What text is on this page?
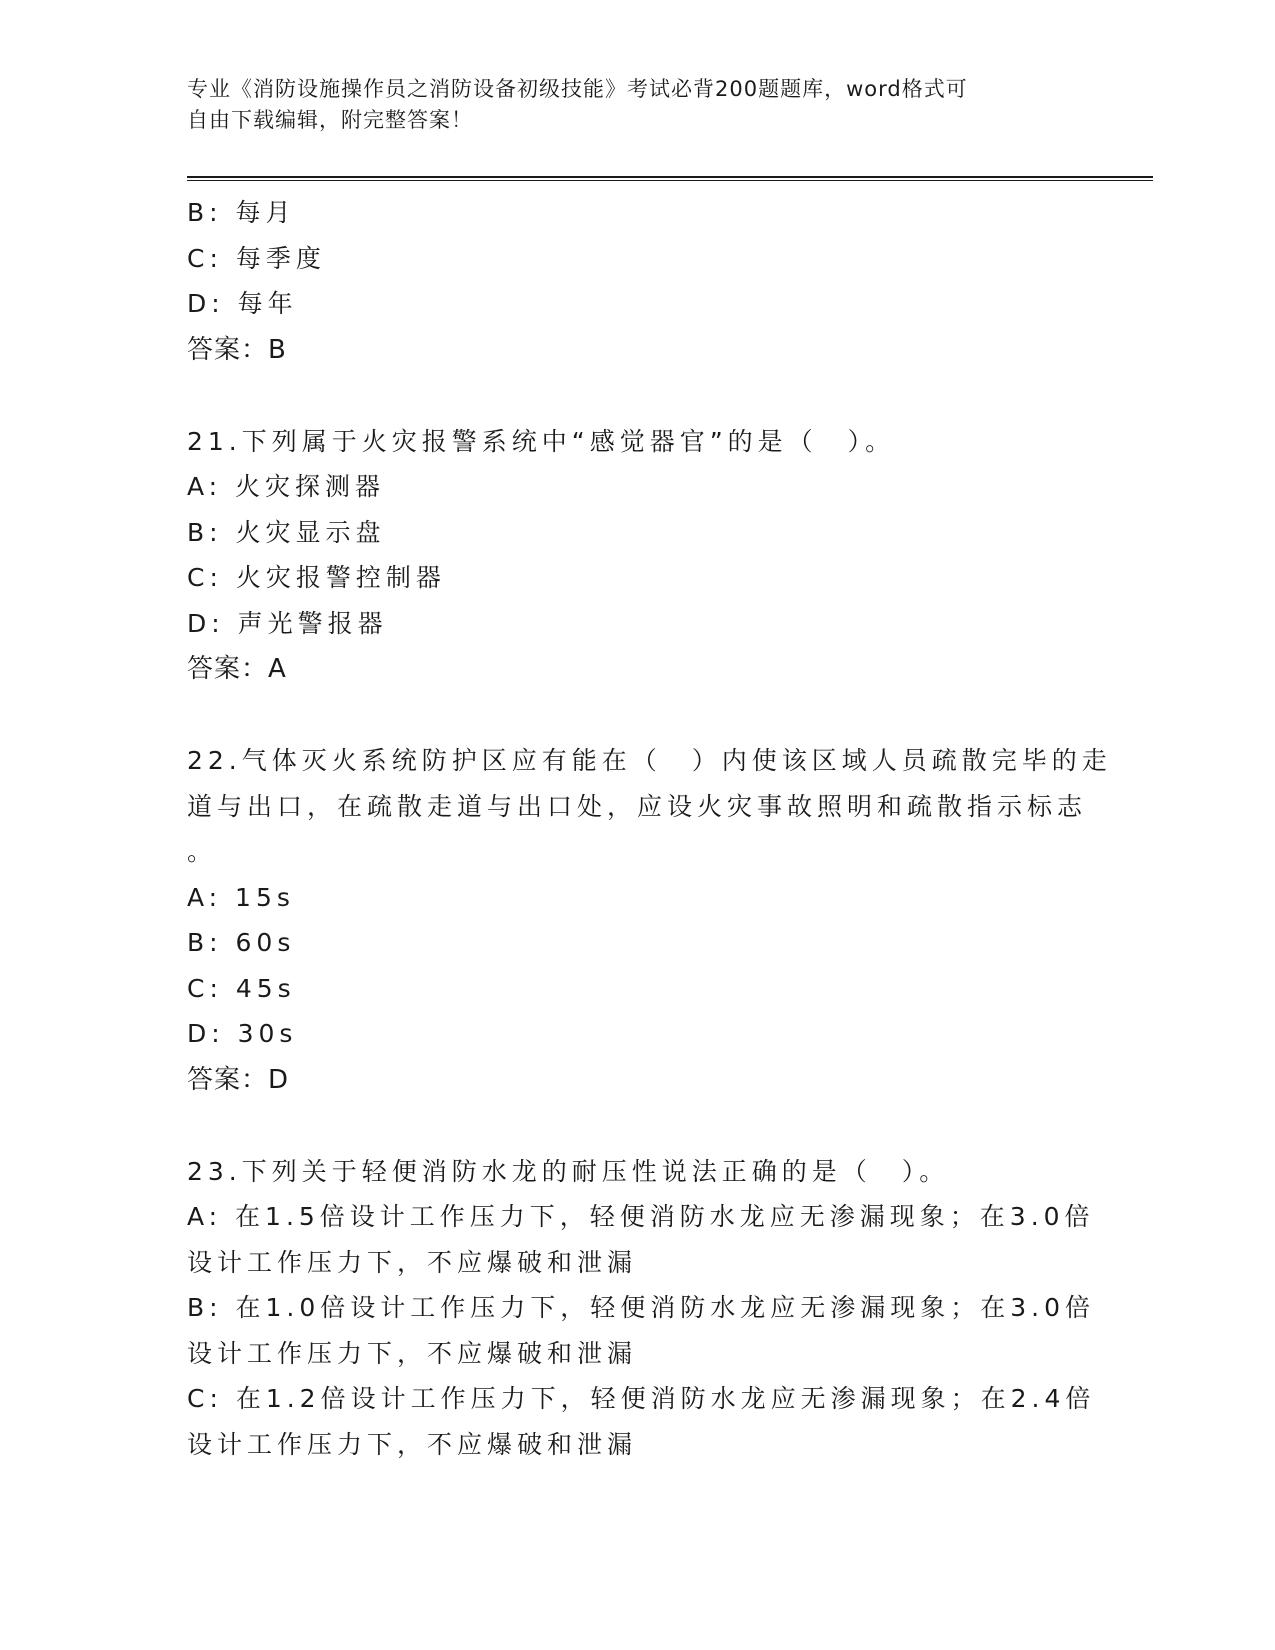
专业《消防设施操作员之消防设备初级技能》考试必背200题题库，word格式可
自由下载编辑，附完整答案！
B: 每月
C: 每季度
D: 每年
答案：B
21.下列属于火灾报警系统中“感觉器官”的是（　）。
A: 火灾探测器
B: 火灾显示盘
C: 火灾报警控制器
D: 声光警报器
答案：A
22.气体灭火系统防护区应有能在（　）内使该区域人员疏散完毕的走
道与出口，在疏散走道与出口处，应设火灾事故照明和疏散指示标志
。
A: 15s
B: 60s
C: 45s
D: 30s
答案：D
23.下列关于轻便消防水龙的耐压性说法正确的是（　）。
A: 在1.5倍设计工作压力下，轻便消防水龙应无渗漏现象；在3.0倍
设计工作压力下，不应爆破和泄漏
B: 在1.0倍设计工作压力下，轻便消防水龙应无渗漏现象；在3.0倍
设计工作压力下，不应爆破和泄漏
C: 在1.2倍设计工作压力下，轻便消防水龙应无渗漏现象；在2.4倍
设计工作压力下，不应爆破和泄漏
